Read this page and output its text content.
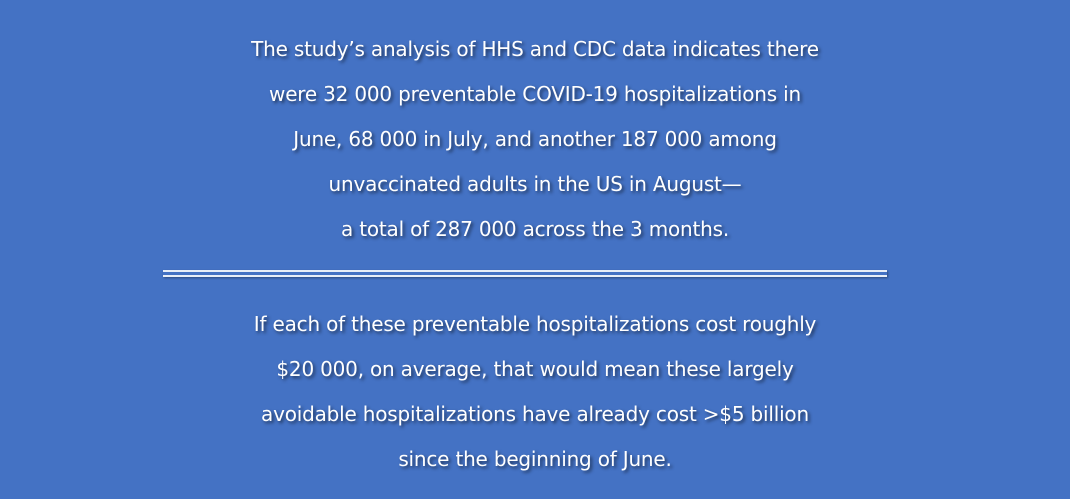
The study’s analysis of HHS and CDC data indicates there
were 32 000 preventable COVID-19 hospitalizations in
June, 68 000 in July, and another 187 000 among
unvaccinated adults in the US in August—
a total of 287 000 across the 3 months.
If each of these preventable hospitalizations cost roughly
$20 000, on average, that would mean these largely
avoidable hospitalizations have already cost >$5 billion
since the beginning of June.
